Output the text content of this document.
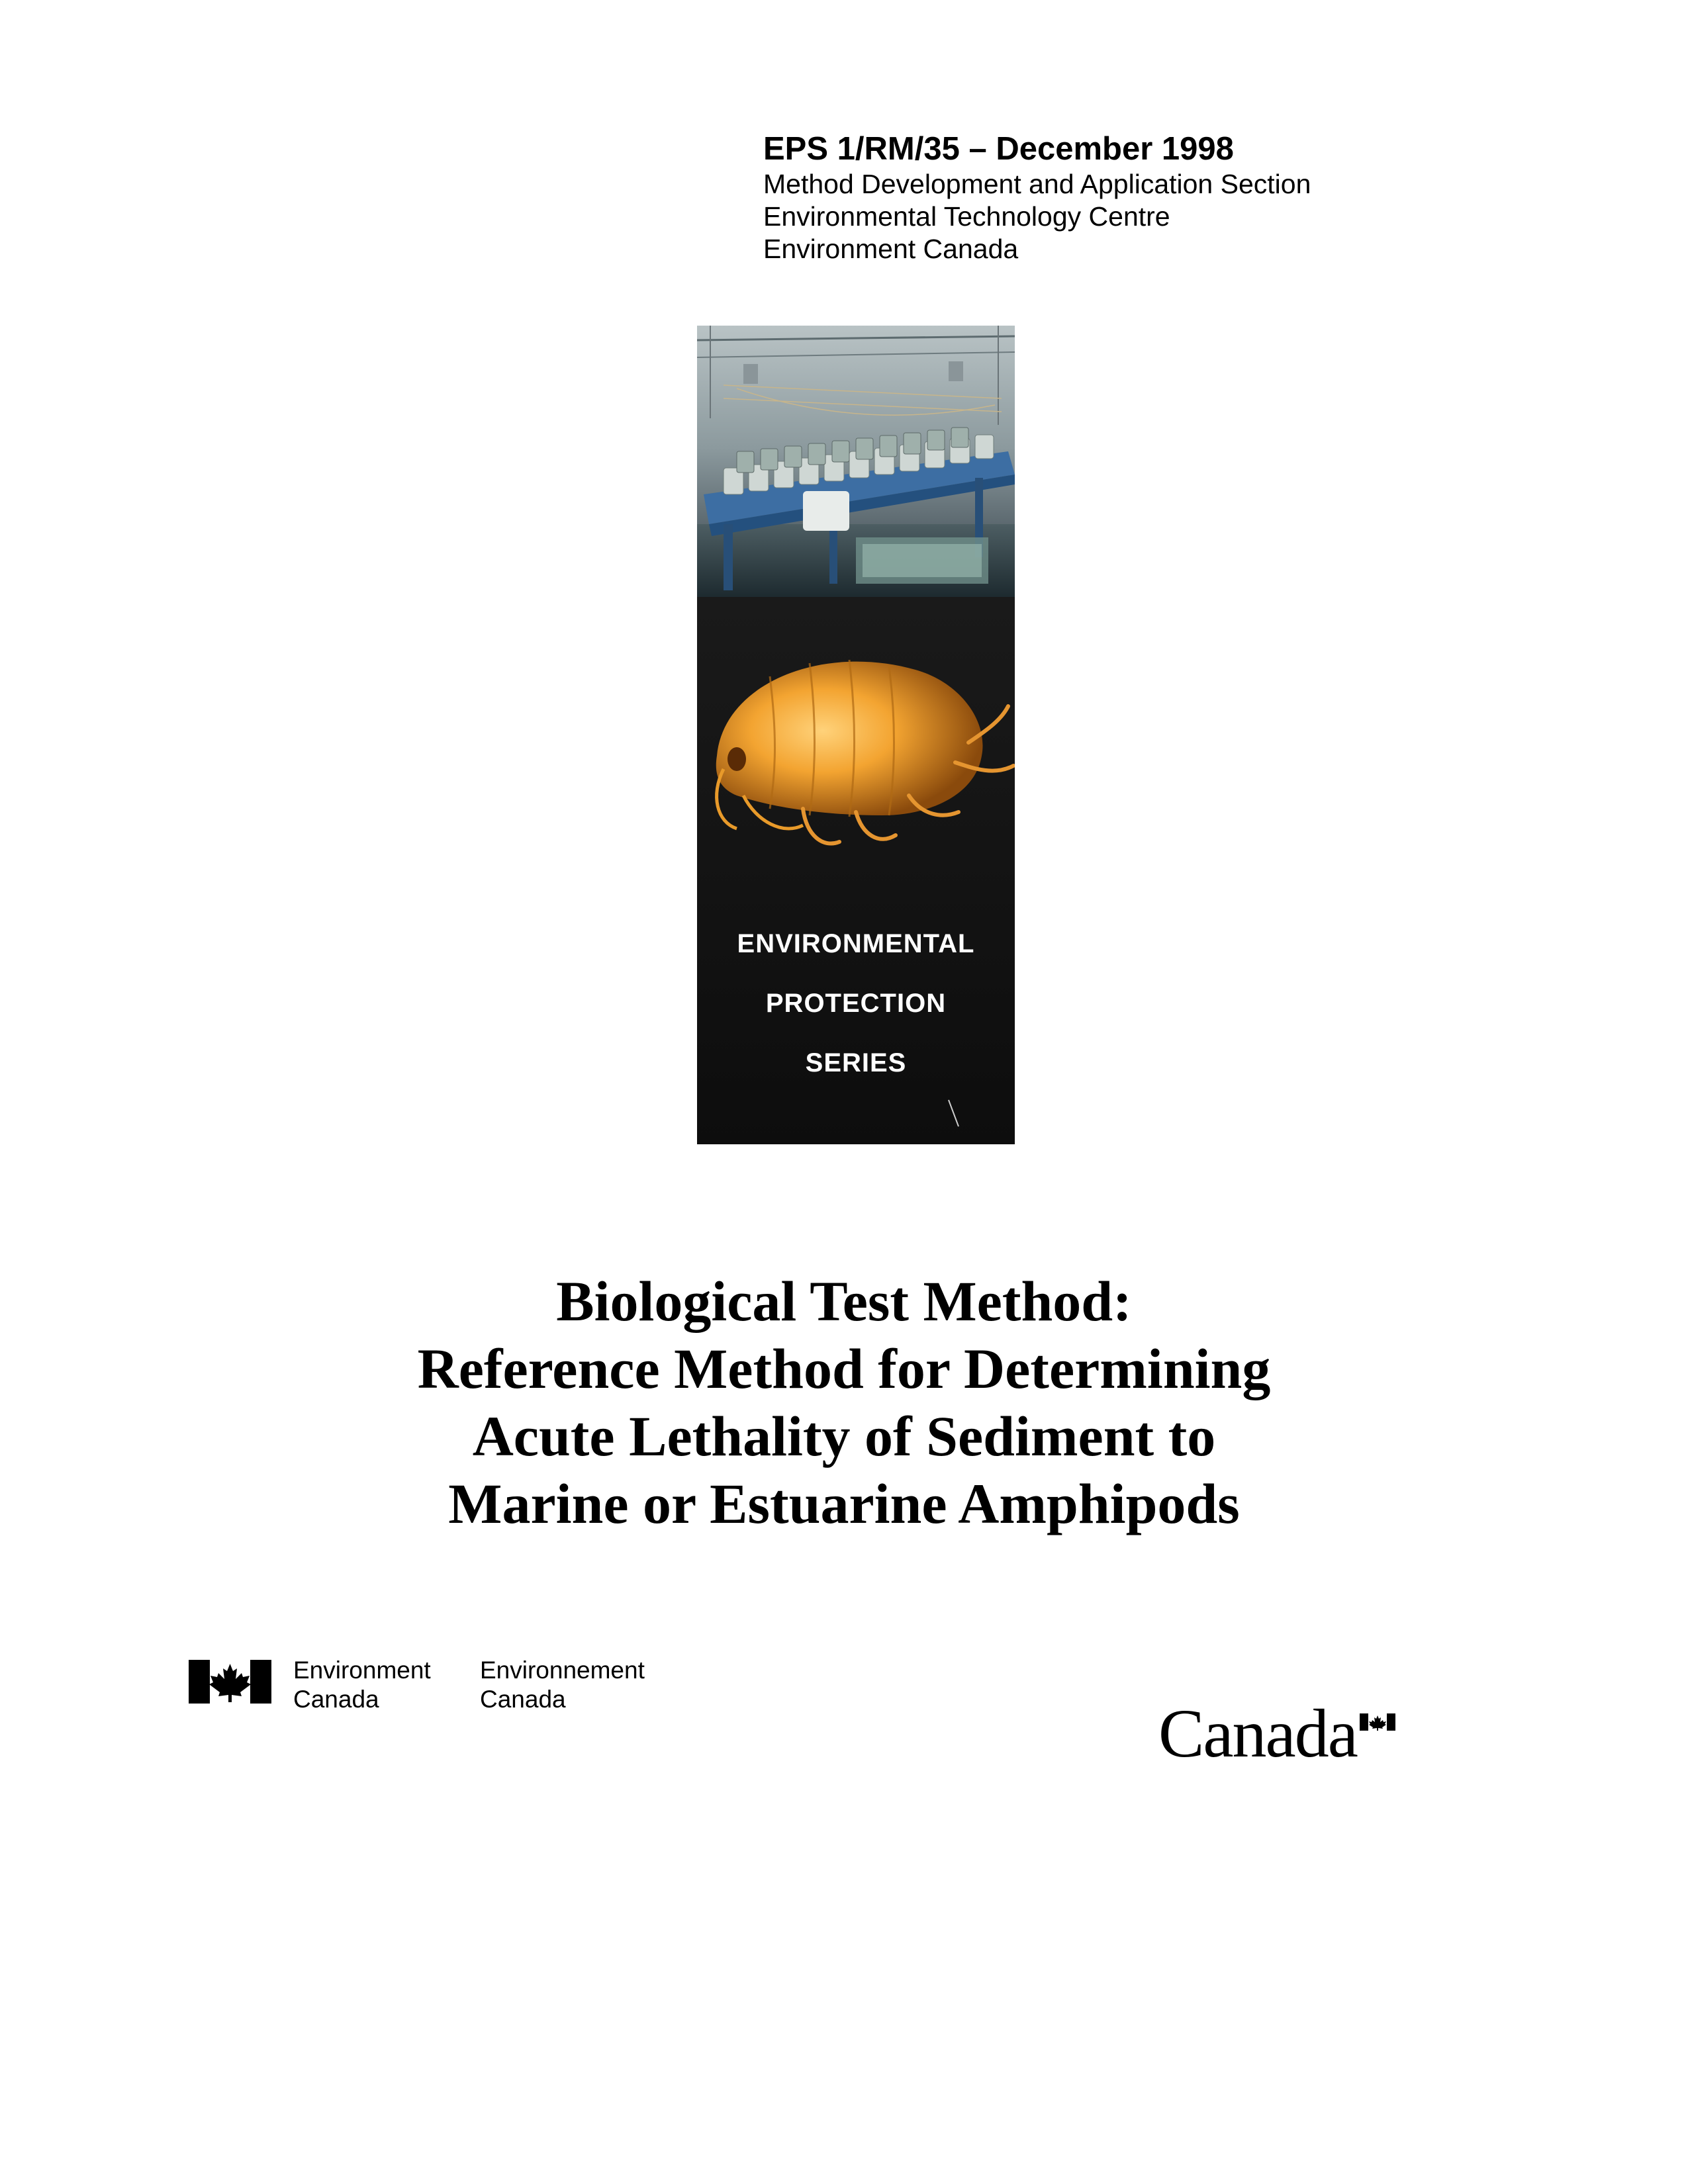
EPS 1/RM/35 – December 1998

Method Development and Application Section

Environmental Technology Centre

Environment Canada

ENVIRONMENTAL
PROTECTION
SERIES
Biological Test Method:
Reference Method for Determining
Acute Lethality of Sediment to
Marine or Estuarine Amphipods
Environment
Canada
Environnement
Canada	Canada
